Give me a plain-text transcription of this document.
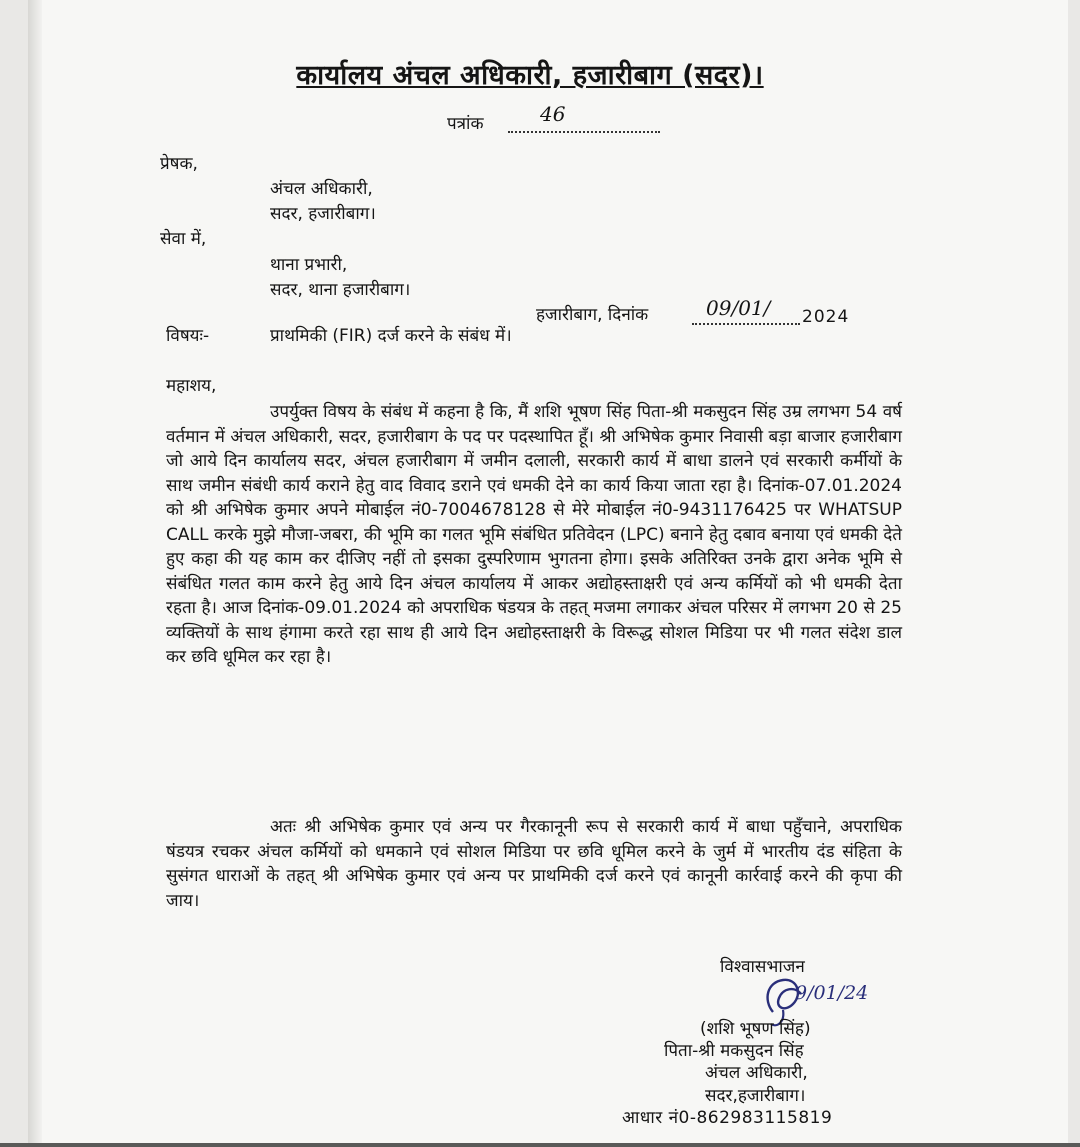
कार्यालय अंचल अधिकारी, हजारीबाग (सदर)।
पत्रांक	46
प्रेषक,
अंचल अधिकारी,
सदर, हजारीबाग।
सेवा में,
थाना प्रभारी,
सदर, थाना हजारीबाग।
हजारीबाग, दिनांक	09/01/ 2024
विषयः-	प्राथमिकी (FIR) दर्ज करने के संबंध में।
महाशय,
उपर्युक्त विषय के संबंध में कहना है कि, मैं शशि भूषण सिंह पिता-श्री मकसुदन सिंह उम्र लगभग 54 वर्ष वर्तमान में अंचल अधिकारी, सदर, हजारीबाग के पद पर पदस्थापित हूँ। श्री अभिषेक कुमार निवासी बड़ा बाजार हजारीबाग जो आये दिन कार्यालय सदर, अंचल हजारीबाग में जमीन दलाली, सरकारी कार्य में बाधा डालने एवं सरकारी कर्मीयों के साथ जमीन संबंधी कार्य कराने हेतु वाद विवाद डराने एवं धमकी देने का कार्य किया जाता रहा है। दिनांक-07.01.2024 को श्री अभिषेक कुमार अपने मोबाईल नं0-7004678128 से मेरे मोबाईल नं0-9431176425 पर WHATSUP CALL करके मुझे मौजा-जबरा, की भूमि का गलत भूमि संबंधित प्रतिवेदन (LPC) बनाने हेतु दबाव बनाया एवं धमकी देते हुए कहा की यह काम कर दीजिए नहीं तो इसका दुस्परिणाम भुगतना होगा। इसके अतिरिक्त उनके द्वारा अनेक भूमि से संबंधित गलत काम करने हेतु आये दिन अंचल कार्यालय में आकर अद्योहस्ताक्षरी एवं अन्य कर्मियों को भी धमकी देता रहता है। आज दिनांक-09.01.2024 को अपराधिक षंडयत्र के तहत् मजमा लगाकर अंचल परिसर में लगभग 20 से 25 व्यक्तियों के साथ हंगामा करते रहा साथ ही आये दिन अद्योहस्ताक्षरी के विरूद्ध सोशल मिडिया पर भी गलत संदेश डाल कर छवि धूमिल कर रहा है।
अतः श्री अभिषेक कुमार एवं अन्य पर गैरकानूनी रूप से सरकारी कार्य में बाधा पहुँचाने, अपराधिक षंडयत्र रचकर अंचल कर्मियों को धमकाने एवं सोशल मिडिया पर छवि धूमिल करने के जुर्म में भारतीय दंड संहिता के सुसंगत धाराओं के तहत् श्री अभिषेक कुमार एवं अन्य पर प्राथमिकी दर्ज करने एवं कानूनी कार्रवाई करने की कृपा की जाय।
विश्वासभाजन
9/01/24
(शशि भूषण सिंह)
पिता-श्री मकसुदन सिंह
अंचल अधिकारी,
सदर,हजारीबाग।
आधार नं0-862983115819
